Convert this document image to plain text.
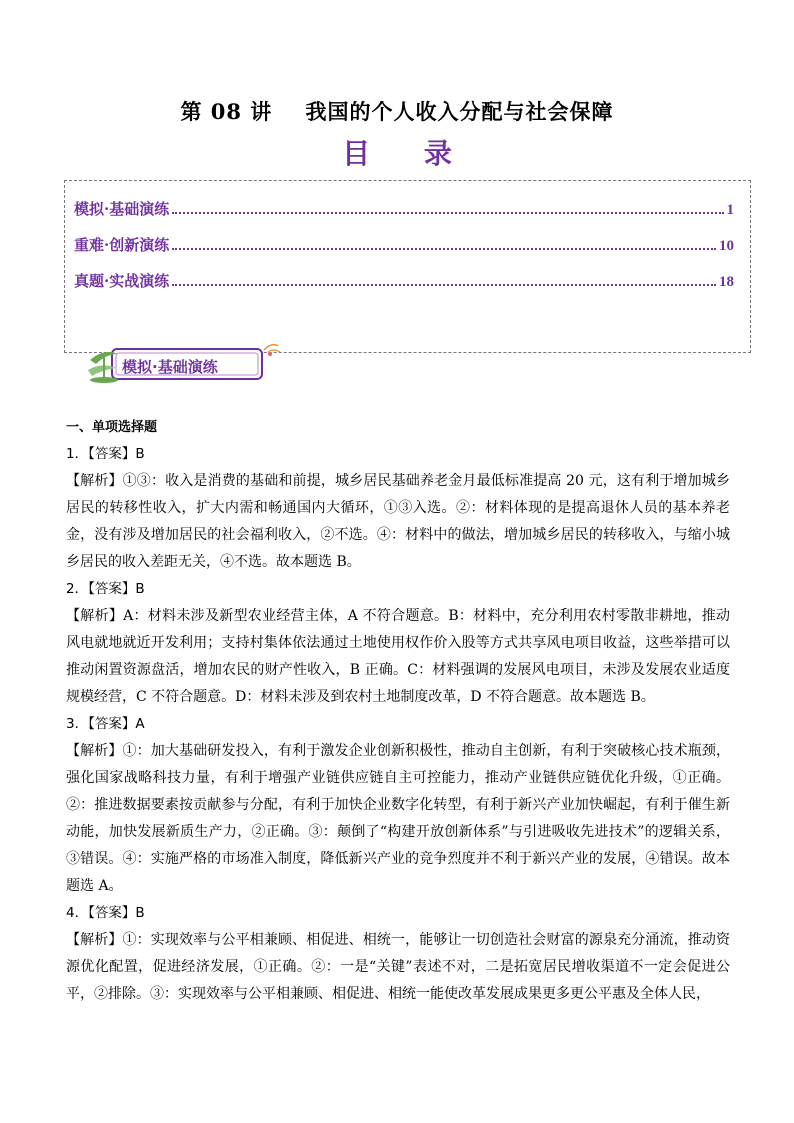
第 08 讲    我国的个人收入分配与社会保障
目 录
模拟·基础演练	1
重难·创新演练	10
真题·实战演练	18
模拟·基础演练

一、单项选择题

1．【答案】B

【解析】①③：收入是消费的基础和前提，城乡居民基础养老金月最低标准提高 20 元，这有利于增加城乡居民的转移性收入，扩大内需和畅通国内大循环，①③入选。②：材料体现的是提高退休人员的基本养老金，没有涉及增加居民的社会福利收入，②不选。④：材料中的做法，增加城乡居民的转移收入，与缩小城乡居民的收入差距无关，④不选。故本题选 B。

2．【答案】B

【解析】A：材料未涉及新型农业经营主体，A 不符合题意。B：材料中，充分利用农村零散非耕地，推动风电就地就近开发利用；支持村集体依法通过土地使用权作价入股等方式共享风电项目收益，这些举措可以推动闲置资源盘活，增加农民的财产性收入，B 正确。C：材料强调的发展风电项目，未涉及发展农业适度规模经营，C 不符合题意。D：材料未涉及到农村土地制度改革，D 不符合题意。故本题选 B。

3．【答案】A

【解析】①：加大基础研发投入，有利于激发企业创新积极性，推动自主创新，有利于突破核心技术瓶颈，强化国家战略科技力量，有利于增强产业链供应链自主可控能力，推动产业链供应链优化升级，①正确。②：推进数据要素按贡献参与分配，有利于加快企业数字化转型，有利于新兴产业加快崛起，有利于催生新动能，加快发展新质生产力，②正确。③：颠倒了“构建开放创新体系”与引进吸收先进技术”的逻辑关系，③错误。④：实施严格的市场准入制度，降低新兴产业的竞争烈度并不利于新兴产业的发展，④错误。故本题选 A。

4．【答案】B

【解析】①：实现效率与公平相兼顾、相促进、相统一，能够让一切创造社会财富的源泉充分涌流，推动资源优化配置，促进经济发展，①正确。②：一是“关键”表述不对，二是拓宽居民增收渠道不一定会促进公平，②排除。③：实现效率与公平相兼顾、相促进、相统一能使改革发展成果更多更公平惠及全体人民，
